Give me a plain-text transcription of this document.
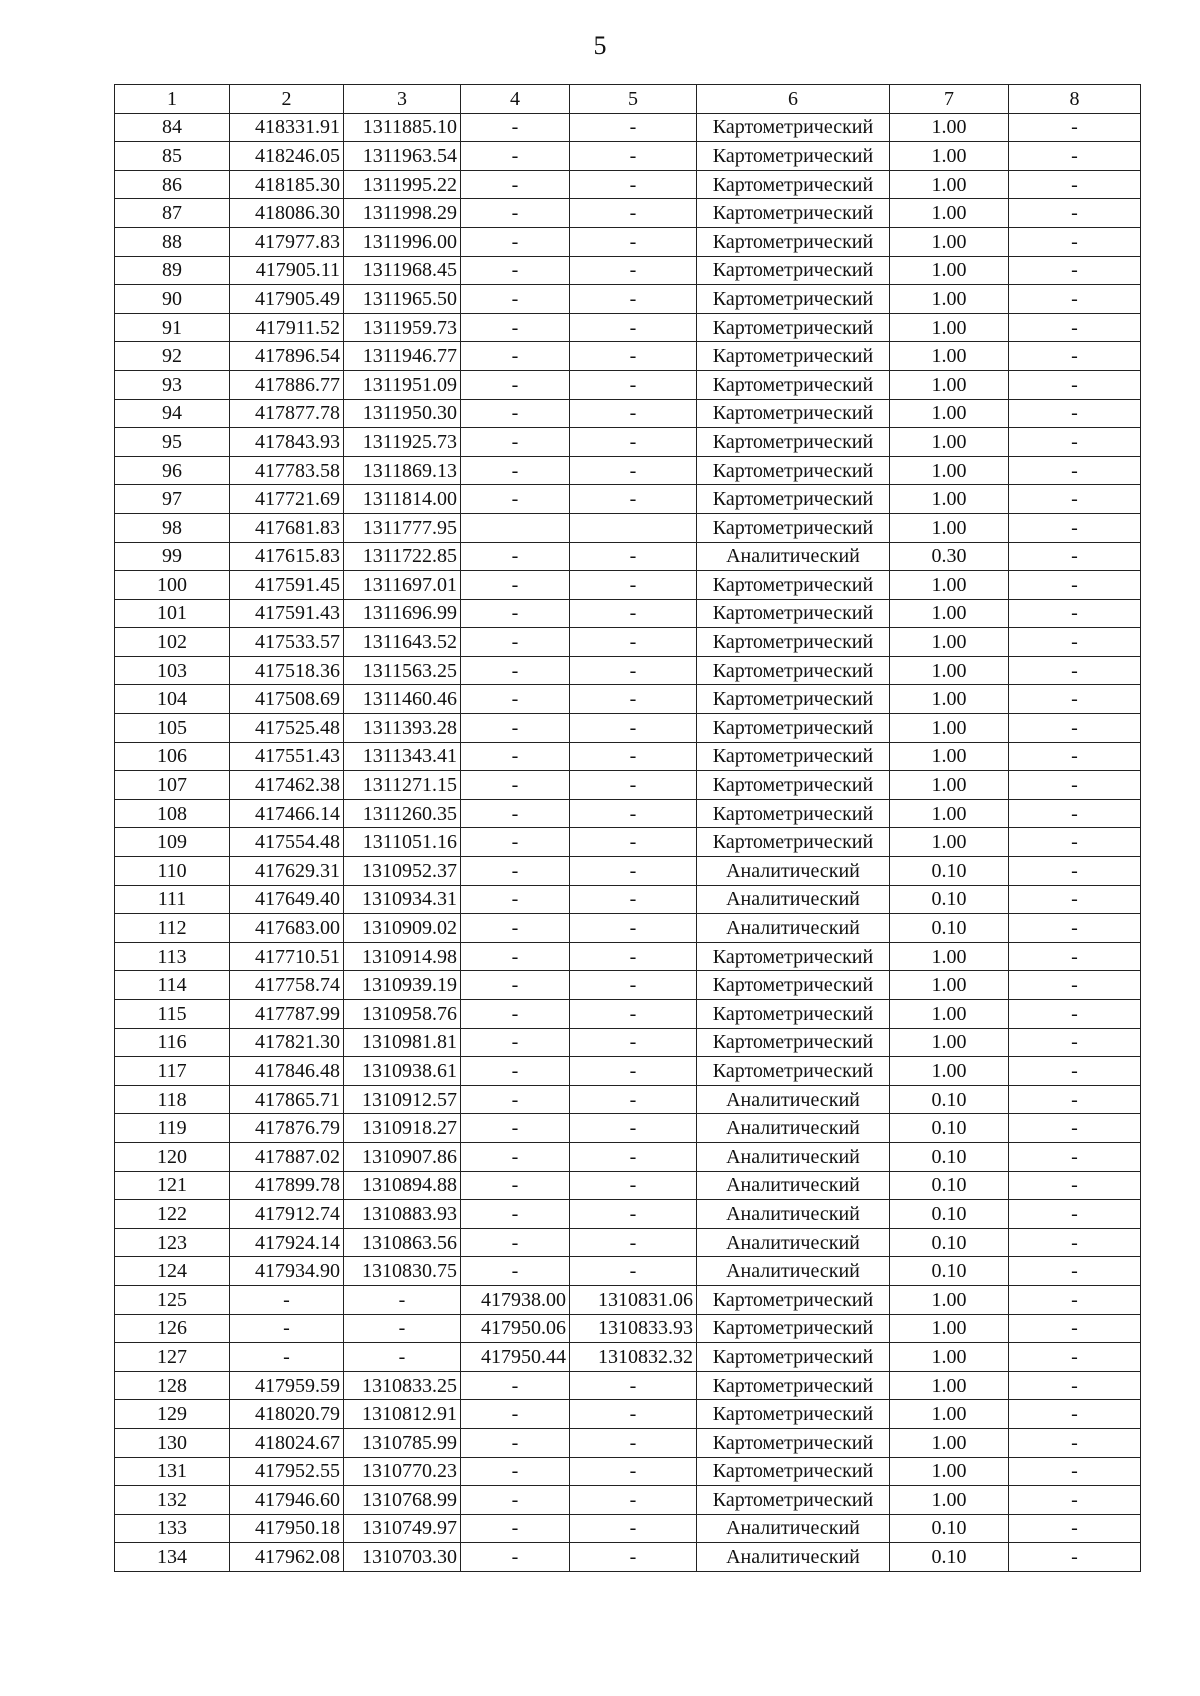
5
1	2	3	4	5	6	7	8
84	418331.91	1311885.10	-	-	Картометрический	1.00	-
85	418246.05	1311963.54	-	-	Картометрический	1.00	-
86	418185.30	1311995.22	-	-	Картометрический	1.00	-
87	418086.30	1311998.29	-	-	Картометрический	1.00	-
88	417977.83	1311996.00	-	-	Картометрический	1.00	-
89	417905.11	1311968.45	-	-	Картометрический	1.00	-
90	417905.49	1311965.50	-	-	Картометрический	1.00	-
91	417911.52	1311959.73	-	-	Картометрический	1.00	-
92	417896.54	1311946.77	-	-	Картометрический	1.00	-
93	417886.77	1311951.09	-	-	Картометрический	1.00	-
94	417877.78	1311950.30	-	-	Картометрический	1.00	-
95	417843.93	1311925.73	-	-	Картометрический	1.00	-
96	417783.58	1311869.13	-	-	Картометрический	1.00	-
97	417721.69	1311814.00	-	-	Картометрический	1.00	-
98	417681.83	1311777.95			Картометрический	1.00	-
99	417615.83	1311722.85	-	-	Аналитический	0.30	-
100	417591.45	1311697.01	-	-	Картометрический	1.00	-
101	417591.43	1311696.99	-	-	Картометрический	1.00	-
102	417533.57	1311643.52	-	-	Картометрический	1.00	-
103	417518.36	1311563.25	-	-	Картометрический	1.00	-
104	417508.69	1311460.46	-	-	Картометрический	1.00	-
105	417525.48	1311393.28	-	-	Картометрический	1.00	-
106	417551.43	1311343.41	-	-	Картометрический	1.00	-
107	417462.38	1311271.15	-	-	Картометрический	1.00	-
108	417466.14	1311260.35	-	-	Картометрический	1.00	-
109	417554.48	1311051.16	-	-	Картометрический	1.00	-
110	417629.31	1310952.37	-	-	Аналитический	0.10	-
111	417649.40	1310934.31	-	-	Аналитический	0.10	-
112	417683.00	1310909.02	-	-	Аналитический	0.10	-
113	417710.51	1310914.98	-	-	Картометрический	1.00	-
114	417758.74	1310939.19	-	-	Картометрический	1.00	-
115	417787.99	1310958.76	-	-	Картометрический	1.00	-
116	417821.30	1310981.81	-	-	Картометрический	1.00	-
117	417846.48	1310938.61	-	-	Картометрический	1.00	-
118	417865.71	1310912.57	-	-	Аналитический	0.10	-
119	417876.79	1310918.27	-	-	Аналитический	0.10	-
120	417887.02	1310907.86	-	-	Аналитический	0.10	-
121	417899.78	1310894.88	-	-	Аналитический	0.10	-
122	417912.74	1310883.93	-	-	Аналитический	0.10	-
123	417924.14	1310863.56	-	-	Аналитический	0.10	-
124	417934.90	1310830.75	-	-	Аналитический	0.10	-
125	-	-	417938.00	1310831.06	Картометрический	1.00	-
126	-	-	417950.06	1310833.93	Картометрический	1.00	-
127	-	-	417950.44	1310832.32	Картометрический	1.00	-
128	417959.59	1310833.25	-	-	Картометрический	1.00	-
129	418020.79	1310812.91	-	-	Картометрический	1.00	-
130	418024.67	1310785.99	-	-	Картометрический	1.00	-
131	417952.55	1310770.23	-	-	Картометрический	1.00	-
132	417946.60	1310768.99	-	-	Картометрический	1.00	-
133	417950.18	1310749.97	-	-	Аналитический	0.10	-
134	417962.08	1310703.30	-	-	Аналитический	0.10	-
